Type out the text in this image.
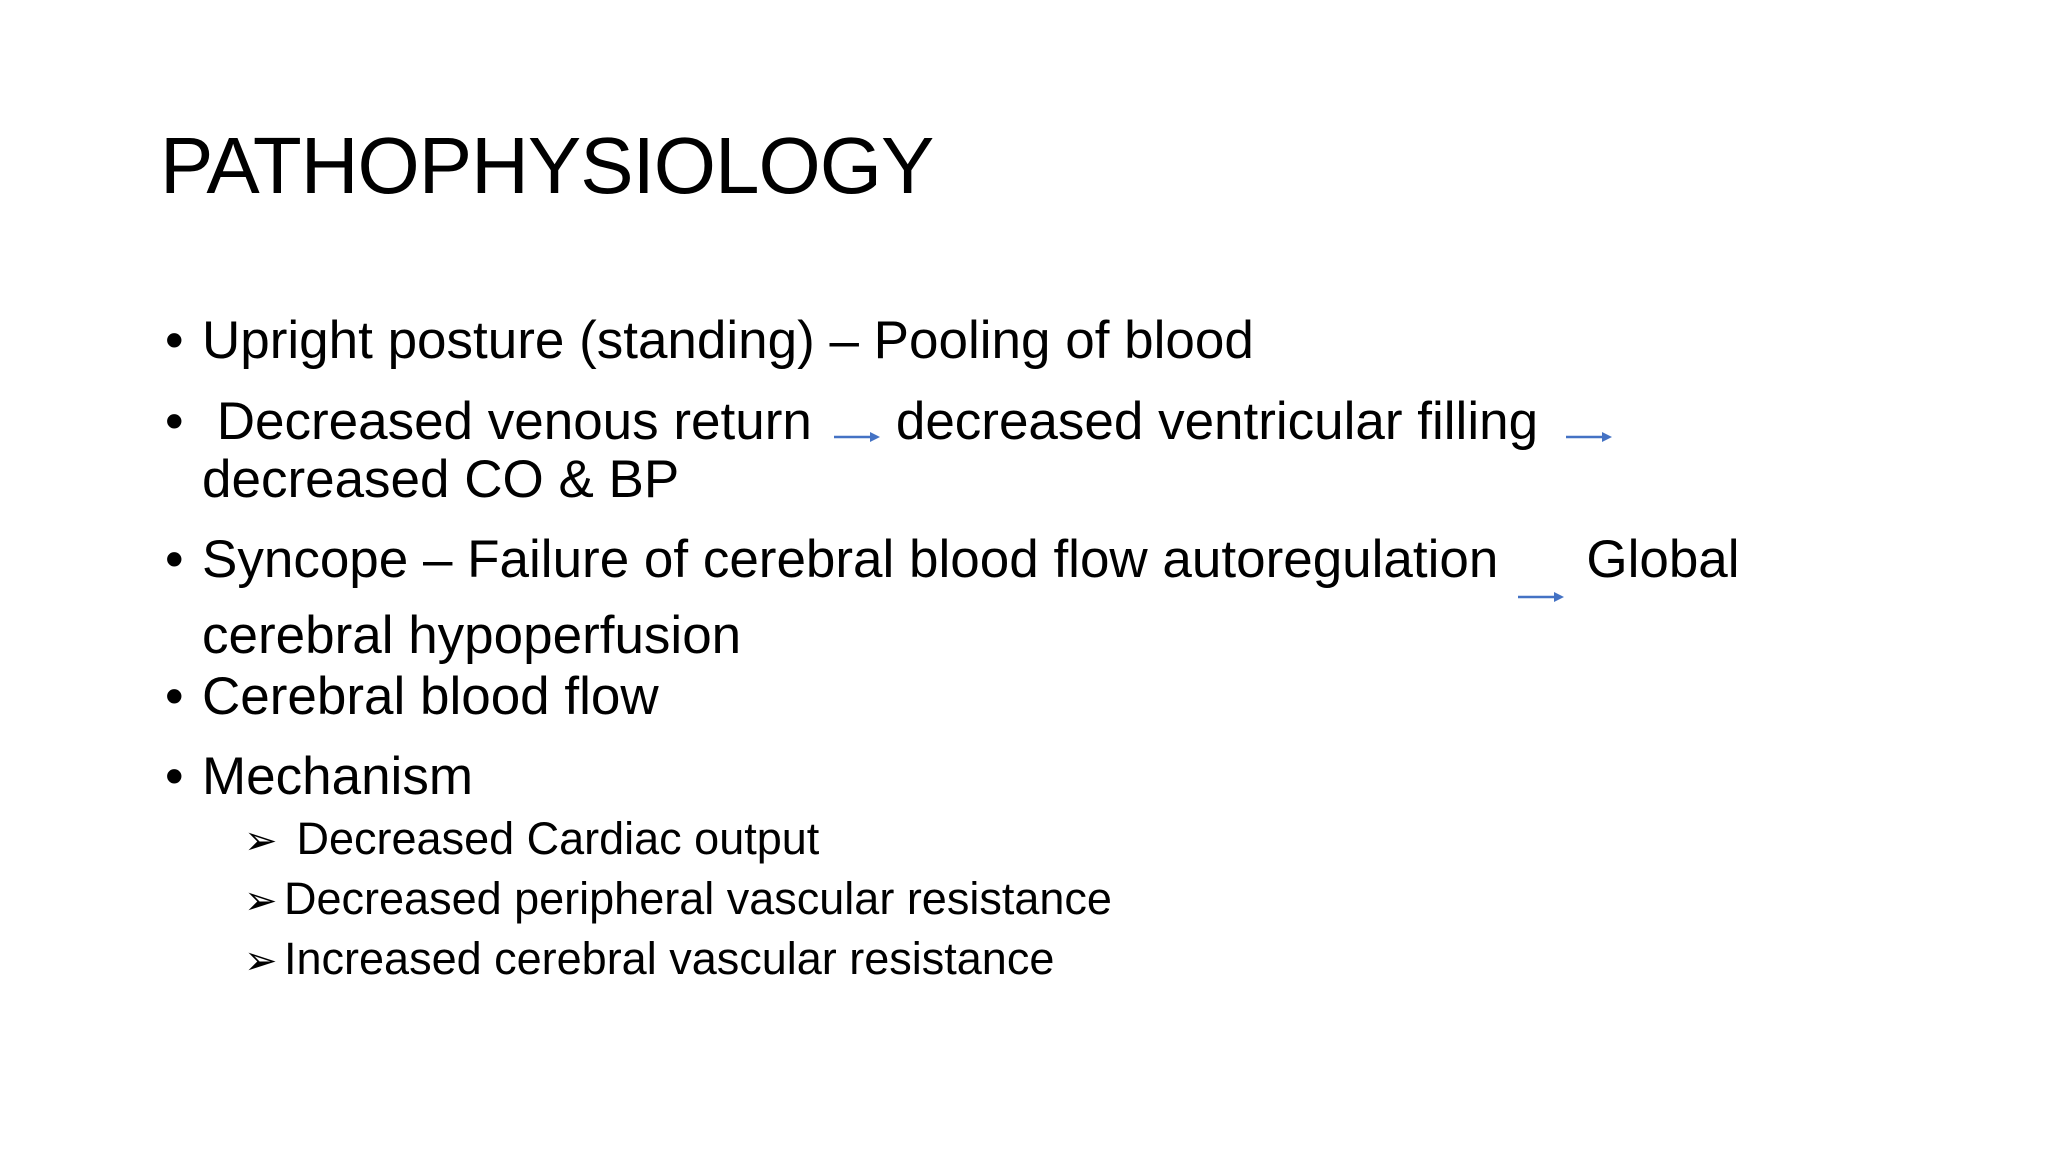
PATHOPHYSIOLOGY
• Upright posture (standing) – Pooling of blood
• Decreased venous return decreased ventricular filling
decreased CO & BP
• Syncope – Failure of cerebral blood flow autoregulation Global
cerebral hypoperfusion
• Cerebral blood flow
• Mechanism
➢ Decreased Cardiac output
➢ Decreased peripheral vascular resistance
➢ Increased cerebral vascular resistance
